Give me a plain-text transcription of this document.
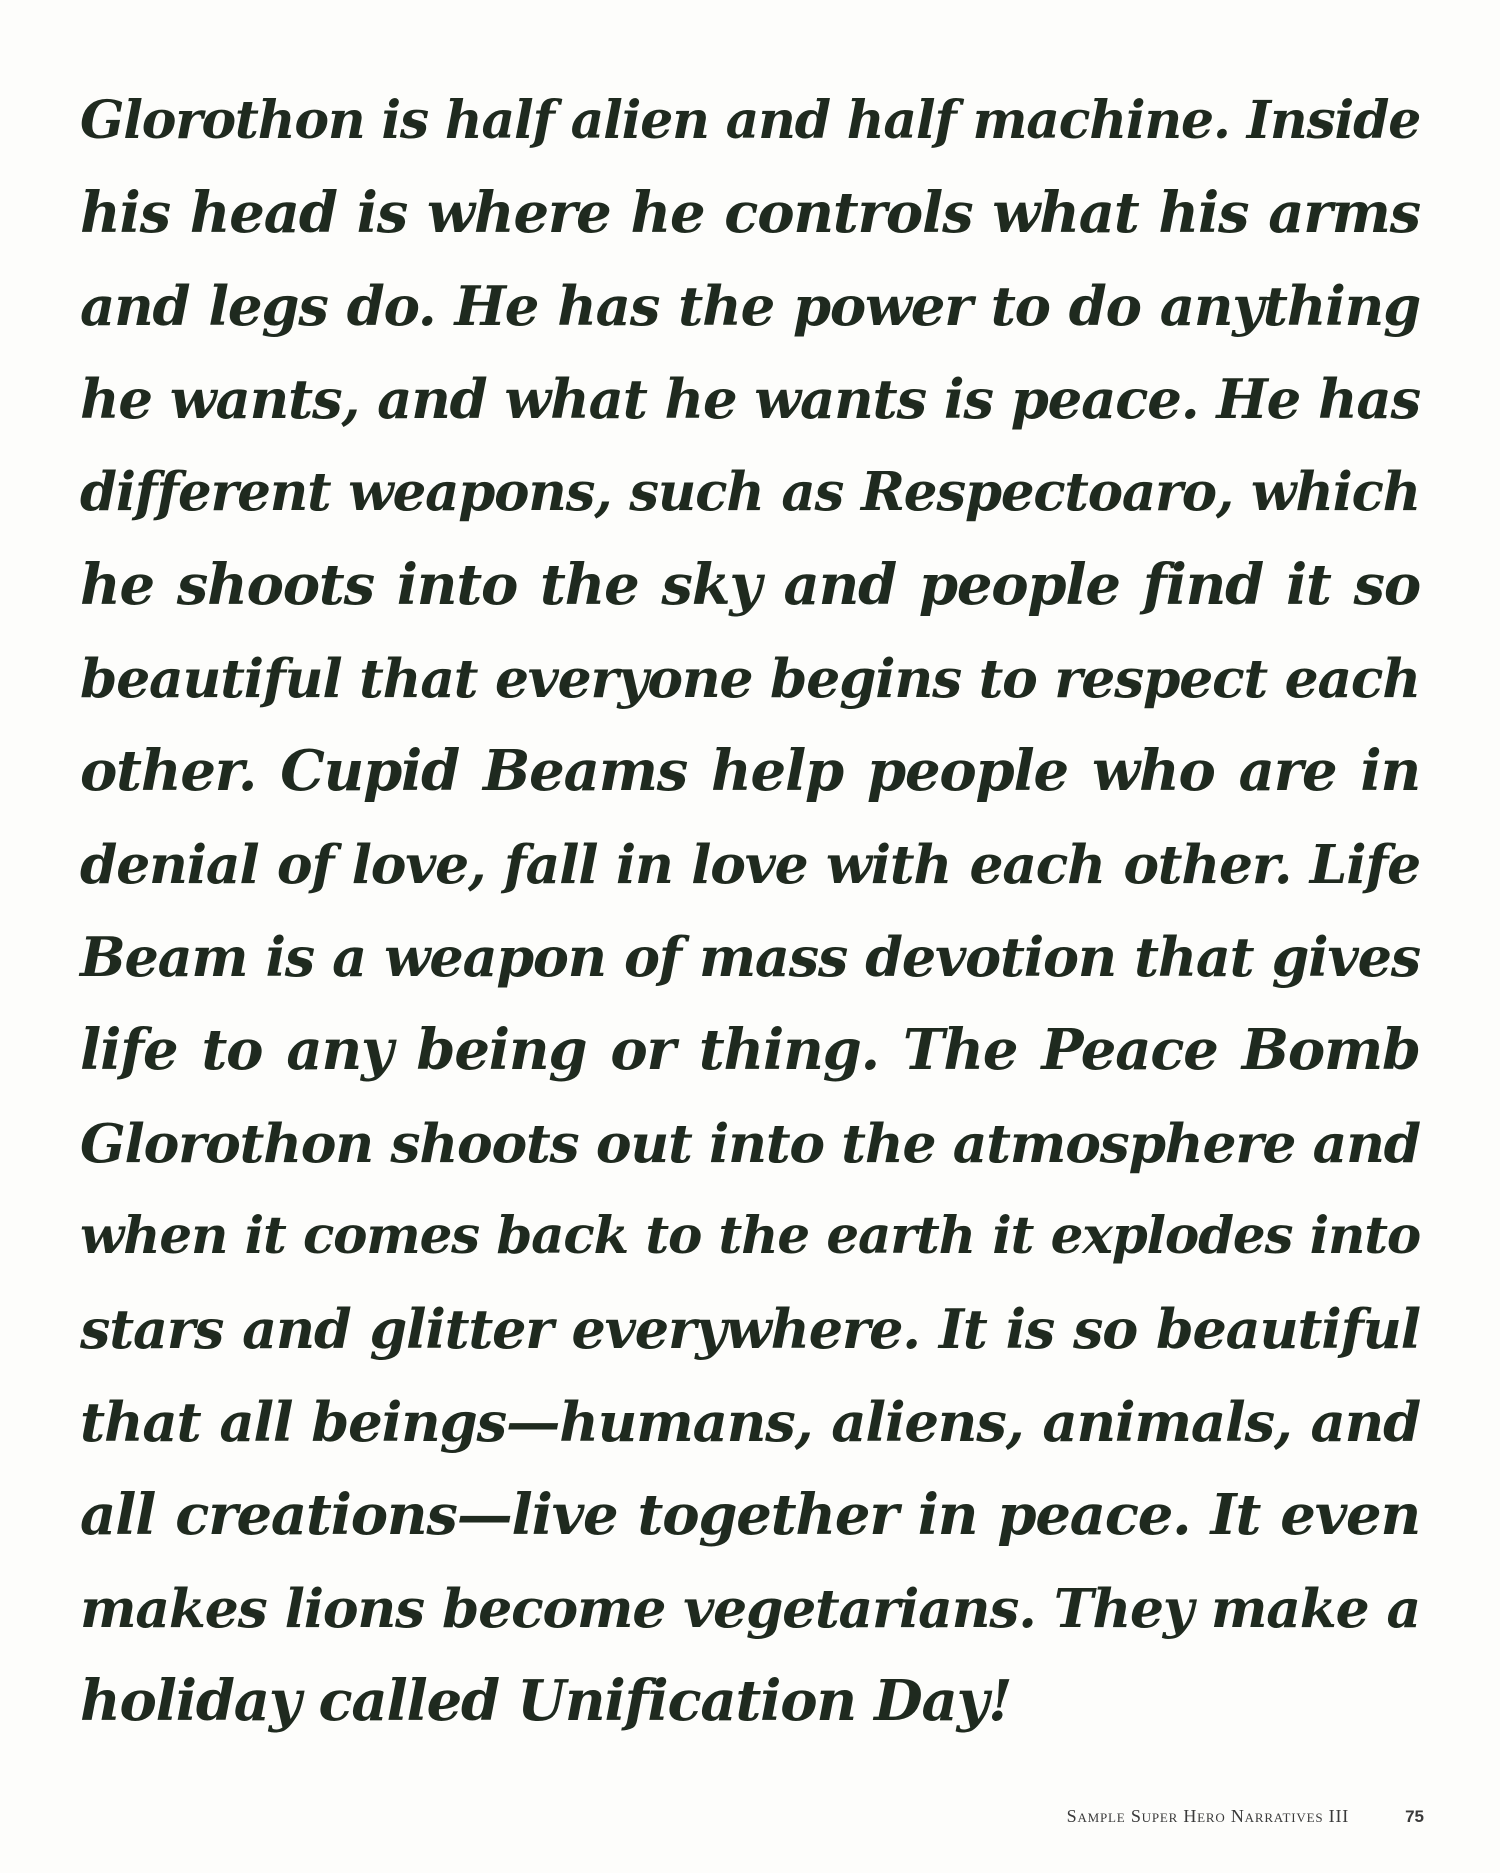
Glorothon is half alien and half machine. Inside
his head is where he controls what his arms
and legs do. He has the power to do anything
he wants, and what he wants is peace. He has
different weapons, such as Respectoaro, which
he shoots into the sky and people find it so
beautiful that everyone begins to respect each
other. Cupid Beams help people who are in
denial of love, fall in love with each other. Life
Beam is a weapon of mass devotion that gives
life to any being or thing. The Peace Bomb
Glorothon shoots out into the atmosphere and
when it comes back to the earth it explodes into
stars and glitter everywhere. It is so beautiful
that all beings—humans, aliens, animals, and
all creations—live together in peace. It even
makes lions become vegetarians. They make a
holiday called Unification Day!
Sample Super Hero Narratives III	75
